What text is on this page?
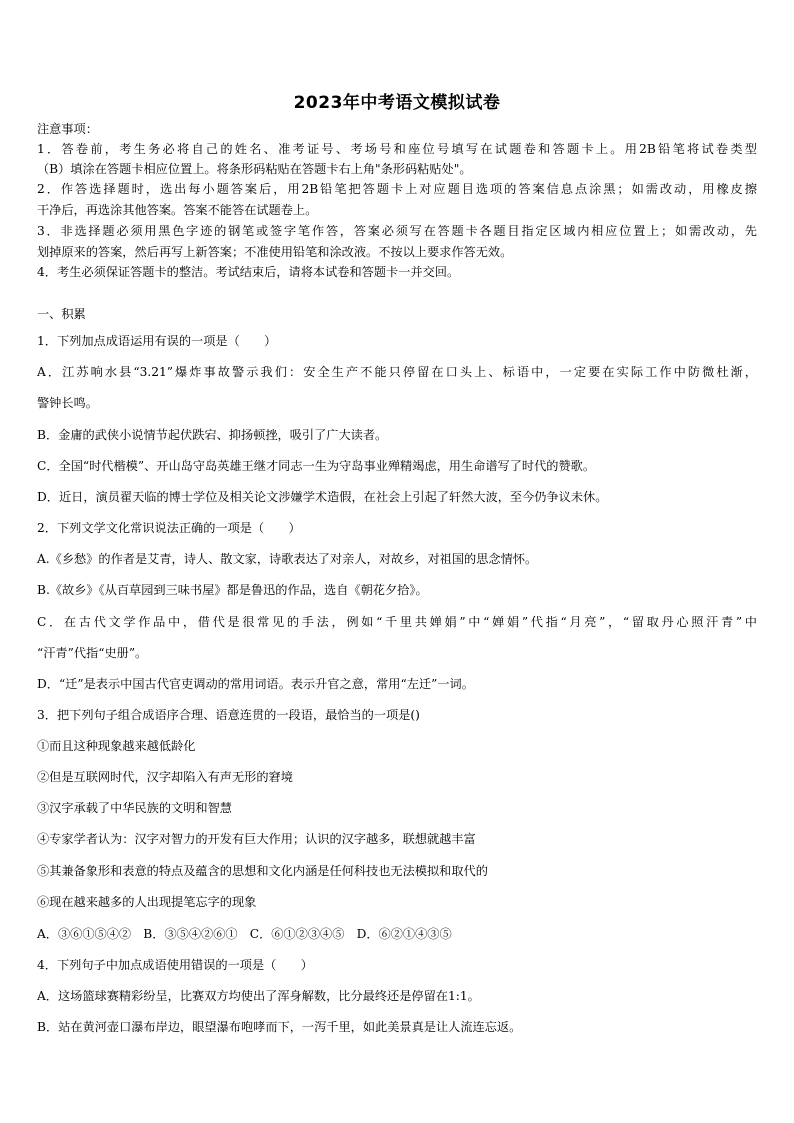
2023年中考语文模拟试卷
注意事项：
1．答卷前，考生务必将自己的姓名、准考证号、考场号和座位号填写在试题卷和答题卡上。用2B铅笔将试卷类型
（B）填涂在答题卡相应位置上。将条形码粘贴在答题卡右上角"条形码粘贴处"。
2．作答选择题时，选出每小题答案后，用2B铅笔把答题卡上对应题目选项的答案信息点涂黑；如需改动，用橡皮擦
干净后，再选涂其他答案。答案不能答在试题卷上。
3．非选择题必须用黑色字迹的钢笔或签字笔作答，答案必须写在答题卡各题目指定区域内相应位置上；如需改动，先
划掉原来的答案，然后再写上新答案；不准使用铅笔和涂改液。不按以上要求作答无效。
4．考生必须保证答题卡的整洁。考试结束后，请将本试卷和答题卡一并交回。
一、积累
1．下列加点成语运用有误的一项是（　　）
A．江苏响水县“3.21”爆炸事故警示我们：安全生产不能只停留在口头上、标语中，一定要在实际工作中防微杜渐，
警钟长鸣。
B．金庸的武侠小说情节起伏跌宕、抑扬顿挫，吸引了广大读者。
C．全国“时代楷模”、开山岛守岛英雄王继才同志一生为守岛事业殚精竭虑，用生命谱写了时代的赞歌。
D．近日，演员翟天临的博士学位及相关论文涉嫌学术造假，在社会上引起了轩然大波，至今仍争议未休。
2．下列文学文化常识说法正确的一项是（　　）
A.《乡愁》的作者是艾青，诗人、散文家，诗歌表达了对亲人，对故乡，对祖国的思念情怀。
B.《故乡》《从百草园到三味书屋》都是鲁迅的作品，选自《朝花夕拾》。
C．在古代文学作品中，借代是很常见的手法，例如“千里共婵娟”中“婵娟”代指“月亮”，“留取丹心照汗青”中
“汗青”代指“史册”。
D．“迁”是表示中国古代官吏调动的常用词语。表示升官之意，常用“左迁”一词。
3．把下列句子组合成语序合理、语意连贯的一段语，最恰当的一项是()
①而且这种现象越来越低龄化
②但是互联网时代，汉字却陷入有声无形的窘境
③汉字承载了中华民族的文明和智慧
④专家学者认为：汉字对智力的开发有巨大作用；认识的汉字越多，联想就越丰富
⑤其兼备象形和表意的特点及蕴含的思想和文化内涵是任何科技也无法模拟和取代的
⑥现在越来越多的人出现提笔忘字的现象
A．③⑥①⑤④②　B．③⑤④②⑥①　C．⑥①②③④⑤　D．⑥②①④③⑤
4．下列句子中加点成语使用错误的一项是（　　）
A．这场篮球赛精彩纷呈，比赛双方均使出了浑身解数，比分最终还是停留在1:1。
B．站在黄河壶口瀑布岸边，眼望瀑布咆哮而下，一泻千里，如此美景真是让人流连忘返。
